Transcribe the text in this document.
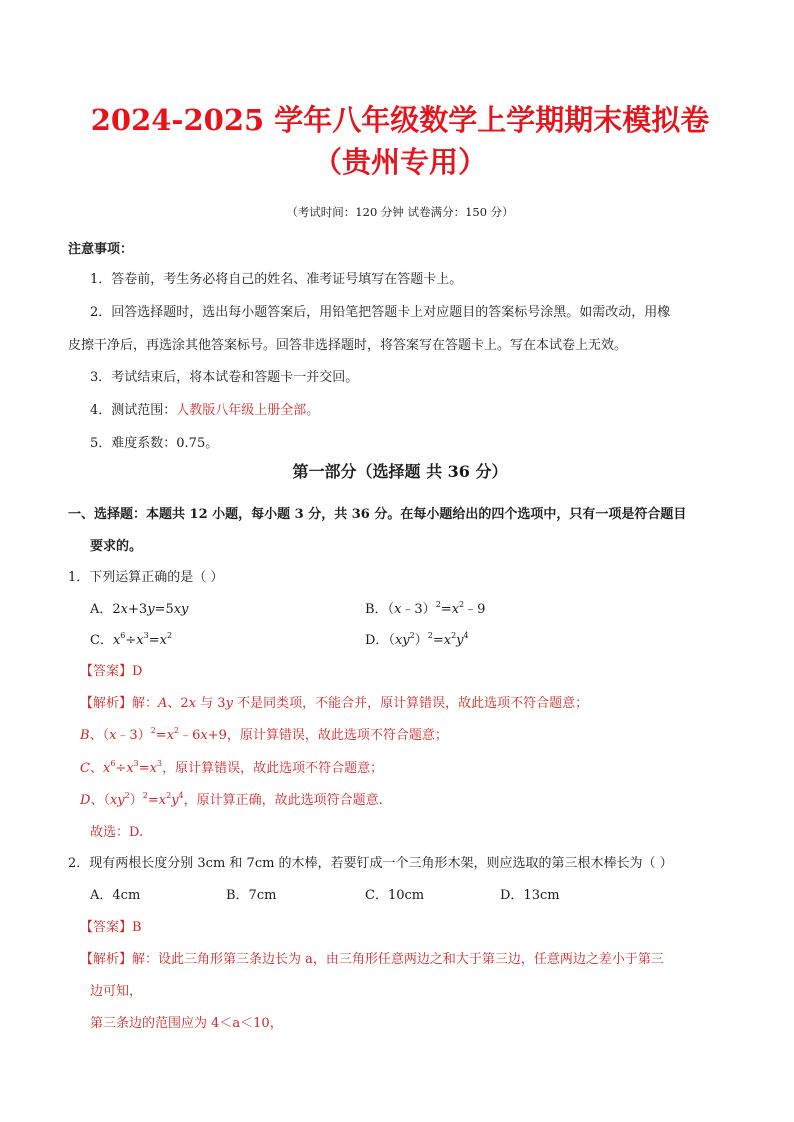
2024-2025 学年八年级数学上学期期末模拟卷
（贵州专用）
（考试时间：120 分钟 试卷满分：150 分）
注意事项：
1．答卷前，考生务必将自己的姓名、准考证号填写在答题卡上。
2．回答选择题时，选出每小题答案后，用铅笔把答题卡上对应题目的答案标号涂黑。如需改动，用橡
皮擦干净后，再选涂其他答案标号。回答非选择题时，将答案写在答题卡上。写在本试卷上无效。
3．考试结束后，将本试卷和答题卡一并交回。
4．测试范围：人教版八年级上册全部。
5．难度系数：0.75。
第一部分（选择题 共 36 分）
一、选择题：本题共 12 小题，每小题 3 分，共 36 分。在每小题给出的四个选项中，只有一项是符合题目
要求的。
1．下列运算正确的是（ ）
A．2x+3y=5xy	B．$(x﹣3)^2=x^2﹣9$
C．$x^6\div x^3=x^2$	D．$(xy^2)^2=x^2y^4$
【答案】D
【解析】解：A、2x 与 3y 不是同类项，不能合并，原计算错误，故此选项不符合题意；
B、$(x﹣3)^2=x^2﹣6x+9$，原计算错误，故此选项不符合题意；
C、$x^6\div x^3=x^3$，原计算错误，故此选项不符合题意；
D、$(xy^2)^2=x^2y^4$，原计算正确，故此选项符合题意.
故选：D.
2．现有两根长度分别 3cm 和 7cm 的木棒，若要钉成一个三角形木架，则应选取的第三根木棒长为（ ）
A．4cm	B．7cm	C．10cm	D．13cm
【答案】B
【解析】解：设此三角形第三条边长为 a，由三角形任意两边之和大于第三边，任意两边之差小于第三
边可知，
第三条边的范围应为 4＜a＜10，
